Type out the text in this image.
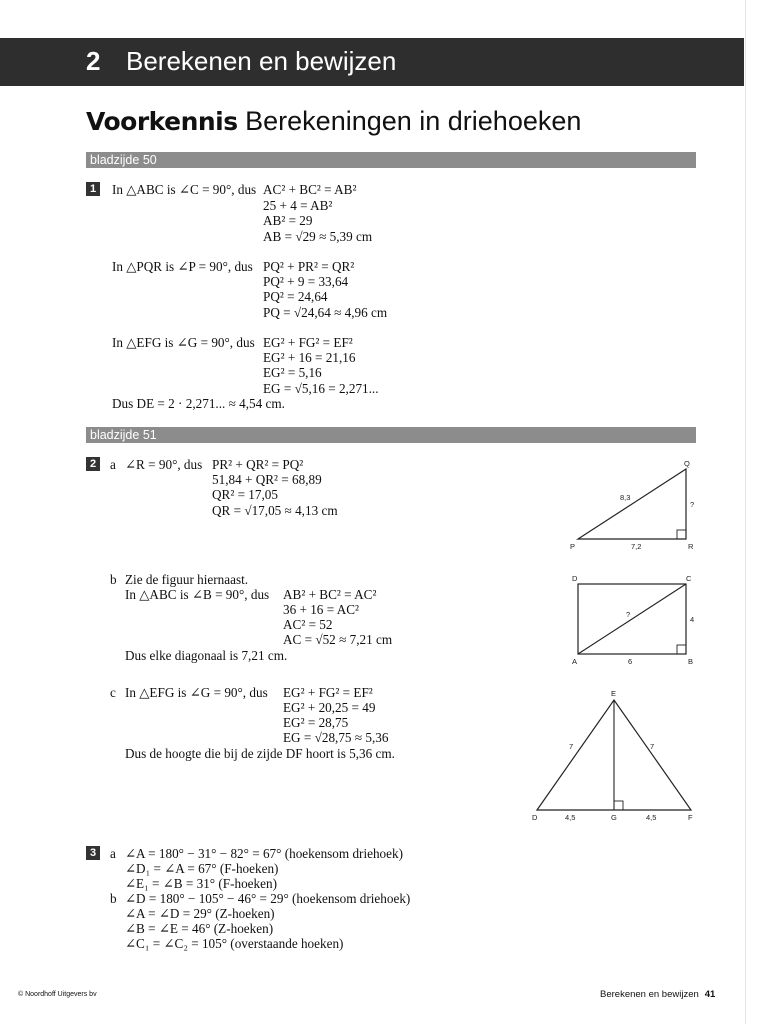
2 Berekenen en bewijzen
Voorkennis Berekeningen in driehoeken
bladzijde 50
1 In △ABC is ∠C = 90°, dus AC² + BC² = AB²
25 + 4 = AB²
AB² = 29
AB = √29 ≈ 5,39 cm
In △PQR is ∠P = 90°, dus PQ² + PR² = QR²
PQ² + 9 = 33,64
PQ² = 24,64
PQ = √24,64 ≈ 4,96 cm
In △EFG is ∠G = 90°, dus EG² + FG² = EF²
EG² + 16 = 21,16
EG² = 5,16
EG = √5,16 = 2,271...
Dus DE = 2 · 2,271... ≈ 4,54 cm.
bladzijde 51
2 a ∠R = 90°, dus PR² + QR² = PQ²
51,84 + QR² = 68,89
QR² = 17,05
QR = √17,05 ≈ 4,13 cm
b Zie de figuur hiernaast.
In △ABC is ∠B = 90°, dus AB² + BC² = AC²
36 + 16 = AC²
AC² = 52
AC = √52 ≈ 7,21 cm
Dus elke diagonaal is 7,21 cm.
c In △EFG is ∠G = 90°, dus EG² + FG² = EF²
EG² + 20,25 = 49
EG² = 28,75
EG = √28,75 ≈ 5,36
Dus de hoogte die bij de zijde DF hoort is 5,36 cm.
P
Q
R
8,3
7,2
?
D	C
A	B
6
4
?
E
D	G	F
7	7
4,5	4,5
3 a ∠A = 180° − 31° − 82° = 67° (hoekensom driehoek)
∠D₁ = ∠A = 67° (F-hoeken)
∠E₁ = ∠B = 31° (F-hoeken)
b ∠D = 180° − 105° − 46° = 29° (hoekensom driehoek)
∠A = ∠D = 29° (Z-hoeken)
∠B = ∠E = 46° (Z-hoeken)
∠C₁ = ∠C₂ = 105° (overstaande hoeken)
© Noordhoff Uitgevers bv	Berekenen en bewijzen 41
